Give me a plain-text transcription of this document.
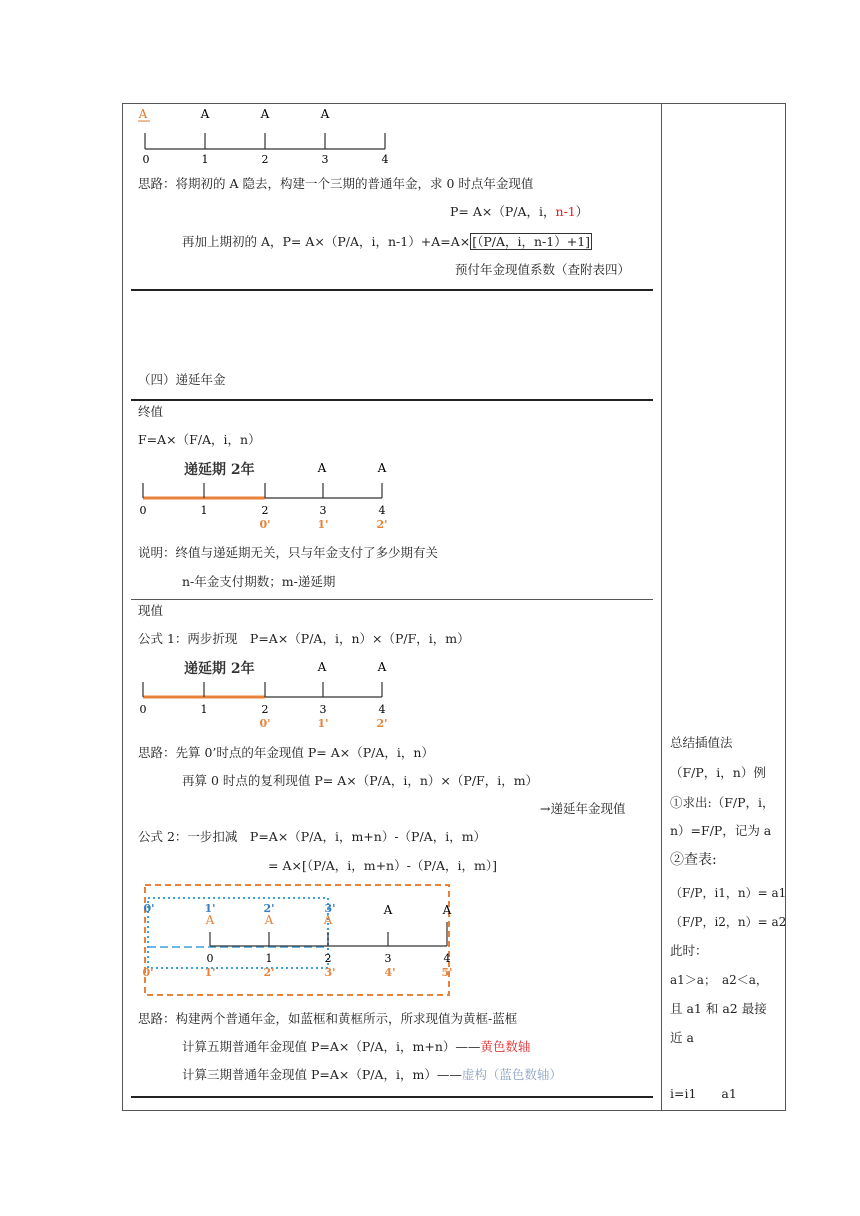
A	A	A	A
0	1	2	3	4
思路：将期初的 A 隐去，构建一个三期的普通年金，求 0 时点年金现值
P= A×（P/A，i，n-1）
再加上期初的 A，P= A×（P/A，i，n-1）+A=A× [（P/A，i，n-1）+1]
预付年金现值系数（查附表四）
（四）递延年金
终值
F=A×（F/A，i，n）
递延期 2年	A	A
0	1	2	3	4
0'	1'	2'
说明：终值与递延期无关，只与年金支付了多少期有关
n-年金支付期数；m-递延期
现值
公式 1：两步折现　P=A×（P/A，i，n）×（P/F，i，m）
递延期 2年	A	A
0	1	2	3	4
0'	1'	2'
思路：先算 0’时点的年金现值 P= A×（P/A，i，n）
再算 0 时点的复利现值 P= A×（P/A，i，n）×（P/F，i，m）
→递延年金现值
公式 2：一步扣减　P=A×（P/A，i，m+n）-（P/A，i，m）
= A×[（P/A，i，m+n）-（P/A，i，m）]
0'	1'	2'	3'
A	A	A
A	A
0	1	2	3	4
0'	1'	2'	3'	4'	5'
思路：构建两个普通年金，如蓝框和黄框所示，所求现值为黄框-蓝框
计算五期普通年金现值 P=A×（P/A，i，m+n）——黄色数轴
计算三期普通年金现值 P=A×（P/A，i，m）——虚构（蓝色数轴）
总结插值法
（F/P，i，n）例
①求出:（F/P，i，
n）=F/P，记为 a
②查表:
（F/P，i1，n）= a1
（F/P，i2，n）= a2
此时：
a1＞a；　a2＜a，
且 a1 和 a2 最接
近 a
i=i1　　a1
